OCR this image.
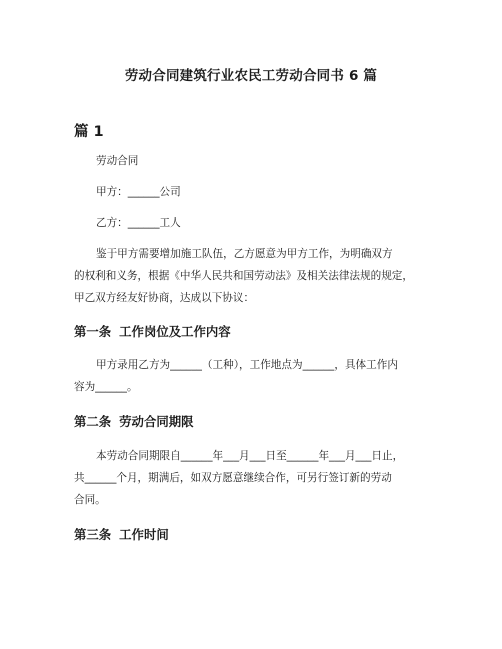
劳动合同建筑行业农民工劳动合同书 6 篇
篇 1
劳动合同
甲方：______公司
乙方：______工人
鉴于甲方需要增加施工队伍，乙方愿意为甲方工作，为明确双方
的权利和义务，根据《中华人民共和国劳动法》及相关法律法规的规定，
甲乙双方经友好协商，达成以下协议：
第一条 工作岗位及工作内容
甲方录用乙方为______（工种），工作地点为______，具体工作内
容为______。
第二条 劳动合同期限
本劳动合同期限自______年___月___日至______年___月___日止，
共______个月，期满后，如双方愿意继续合作，可另行签订新的劳动
合同。
第三条 工作时间
